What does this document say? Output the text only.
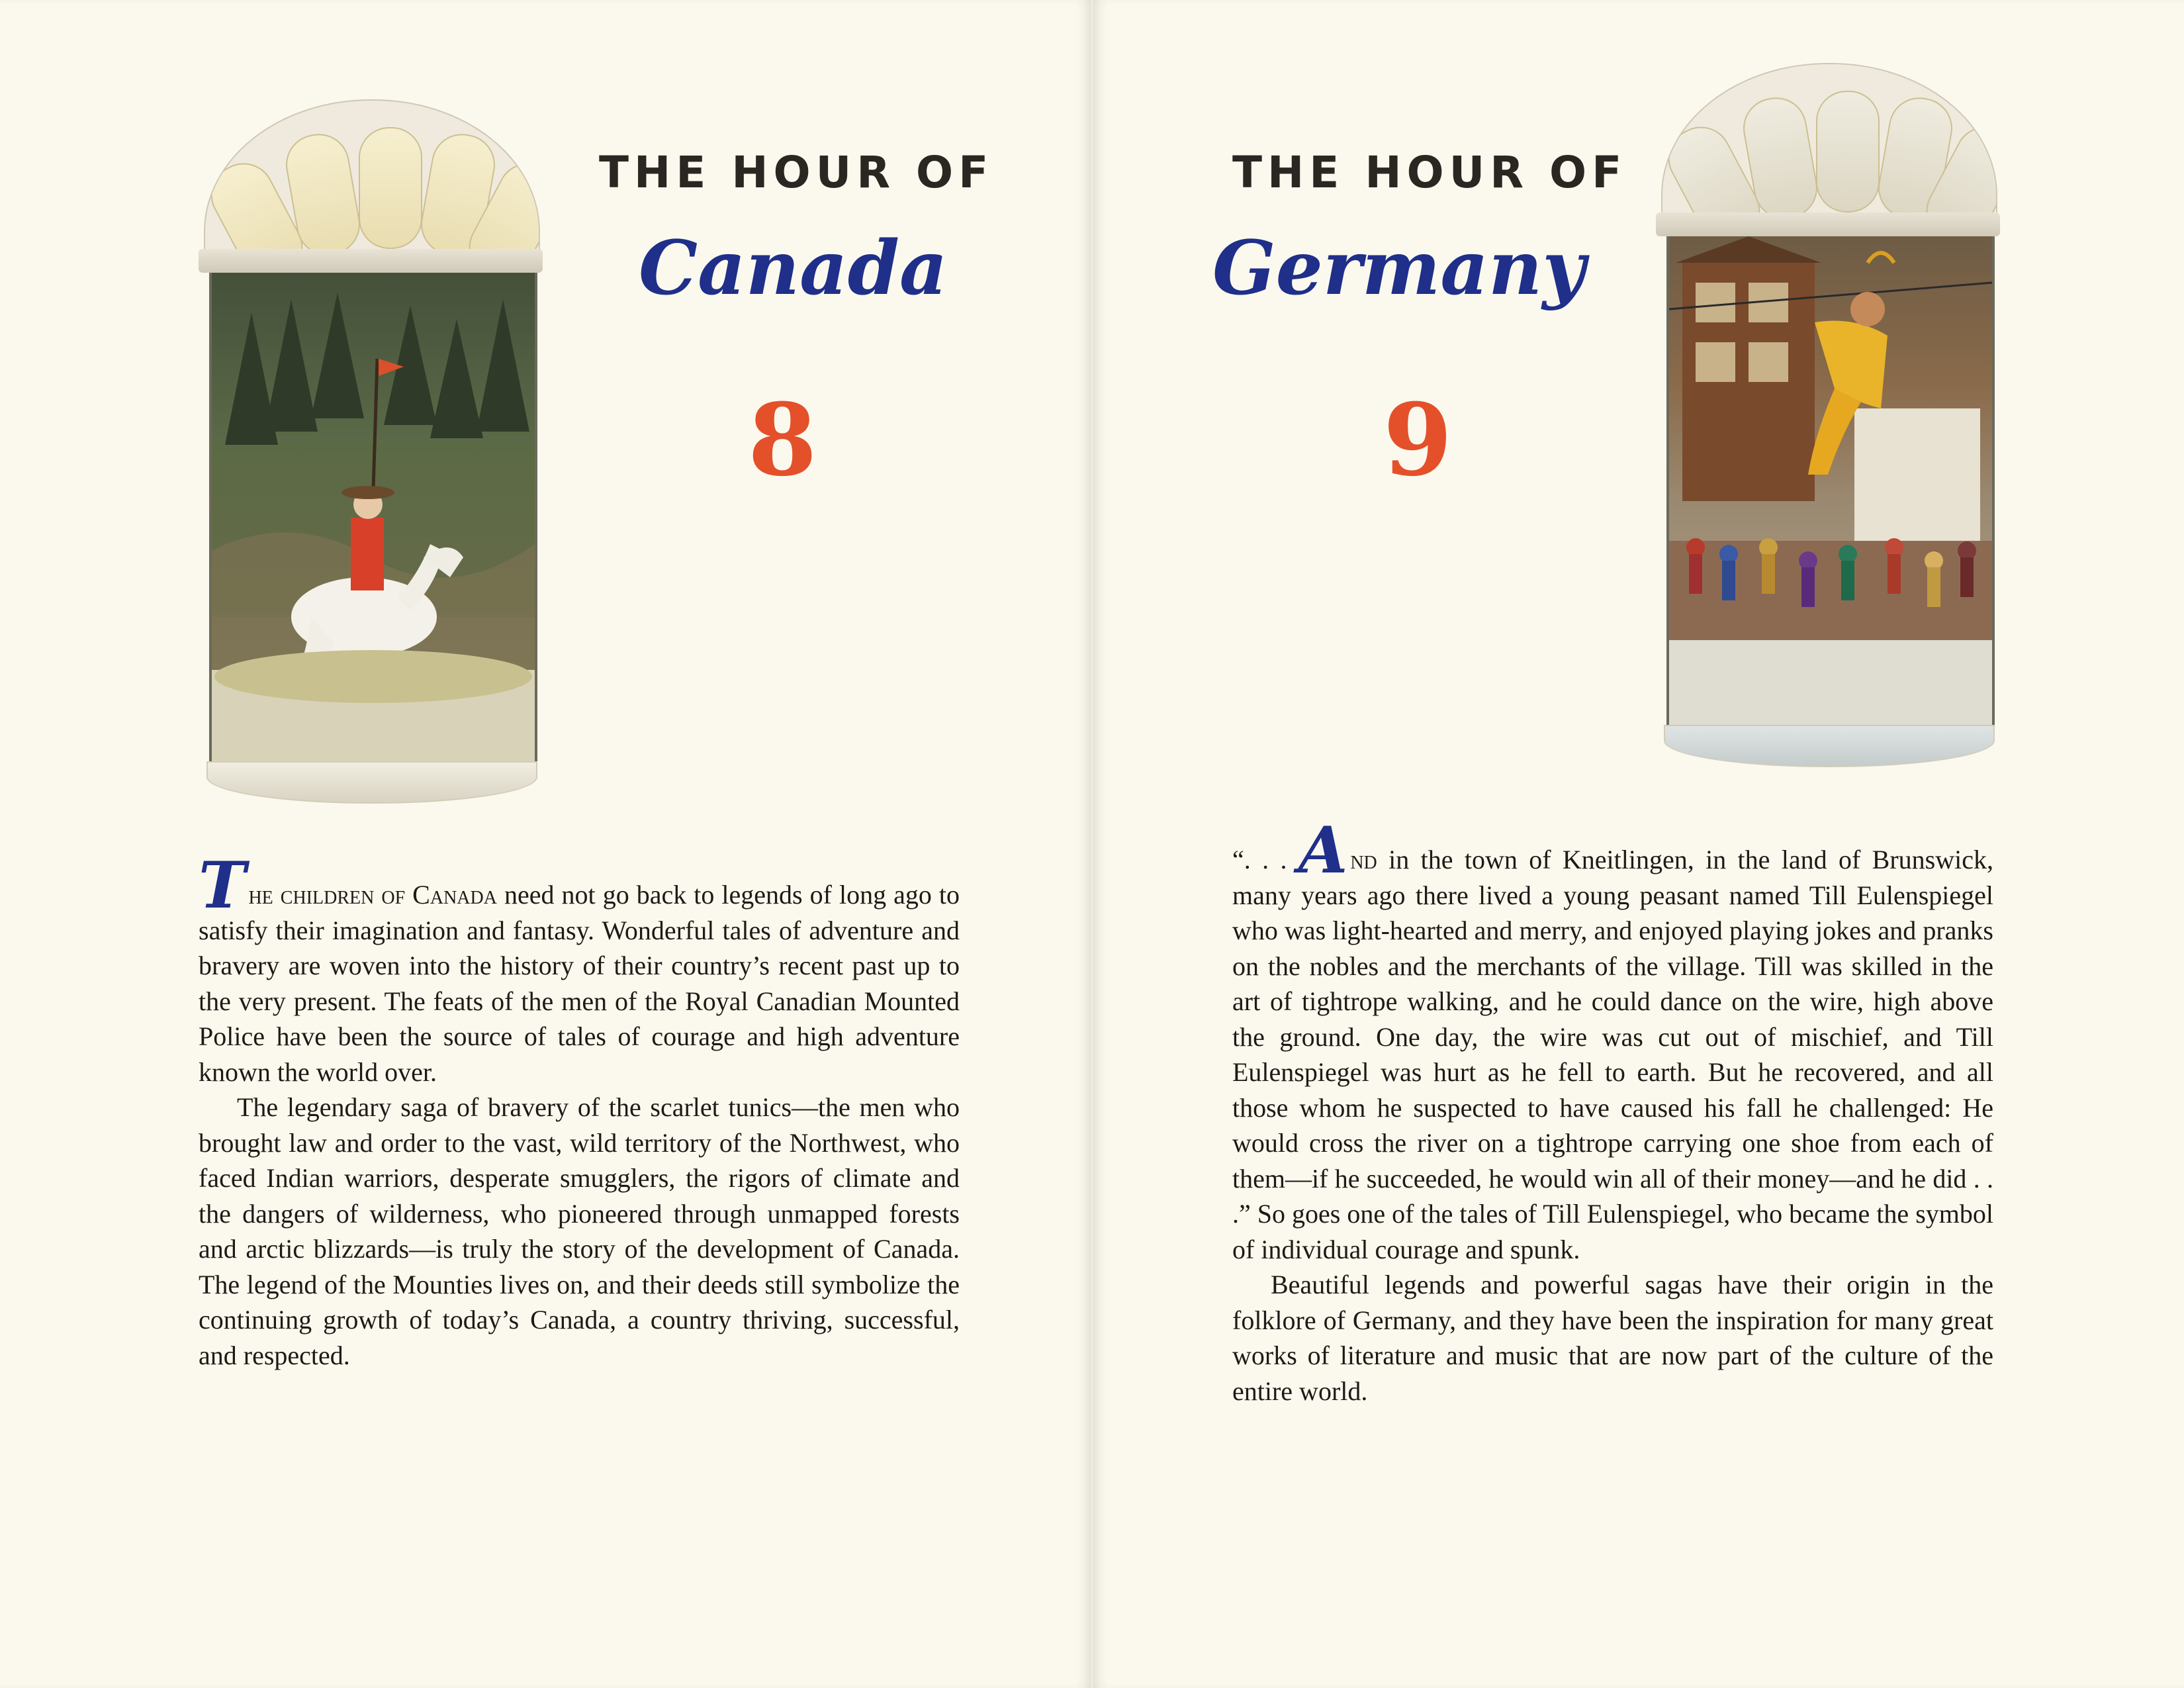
THE HOUR OF
Canada
8

The children of Canada need not go back to legends of long ago to satisfy their imagination and fantasy. Wonderful tales of adventure and bravery are woven into the history of their country’s recent past up to the very present. The feats of the men of the Royal Canadian Mounted Police have been the source of tales of courage and high adventure known the world over.

The legendary saga of bravery of the scarlet tunics—the men who brought law and order to the vast, wild territory of the Northwest, who faced Indian warriors, desperate smugglers, the rigors of climate and the dangers of wilderness, who pioneered through unmapped forests and arctic blizzards—is truly the story of the development of Canada. The legend of the Mounties lives on, and their deeds still symbolize the continuing growth of today’s Canada, a country thriving, successful, and respected.

THE HOUR OF
Germany
9

“. . . A nd in the town of Kneitlingen, in the land of Brunswick, many years ago there lived a young peasant named Till Eulenspiegel who was light-hearted and merry, and enjoyed playing jokes and pranks on the nobles and the merchants of the village. Till was skilled in the art of tightrope walking, and he could dance on the wire, high above the ground. One day, the wire was cut out of mischief, and Till Eulenspiegel was hurt as he fell to earth. But he recovered, and all those whom he suspected to have caused his fall he challenged: He would cross the river on a tightrope carrying one shoe from each of them—if he succeeded, he would win all of their money—and he did . . .” So goes one of the tales of Till Eulenspiegel, who became the symbol of individual courage and spunk.

Beautiful legends and powerful sagas have their origin in the folklore of Germany, and they have been the inspiration for many great works of literature and music that are now part of the culture of the entire world.
